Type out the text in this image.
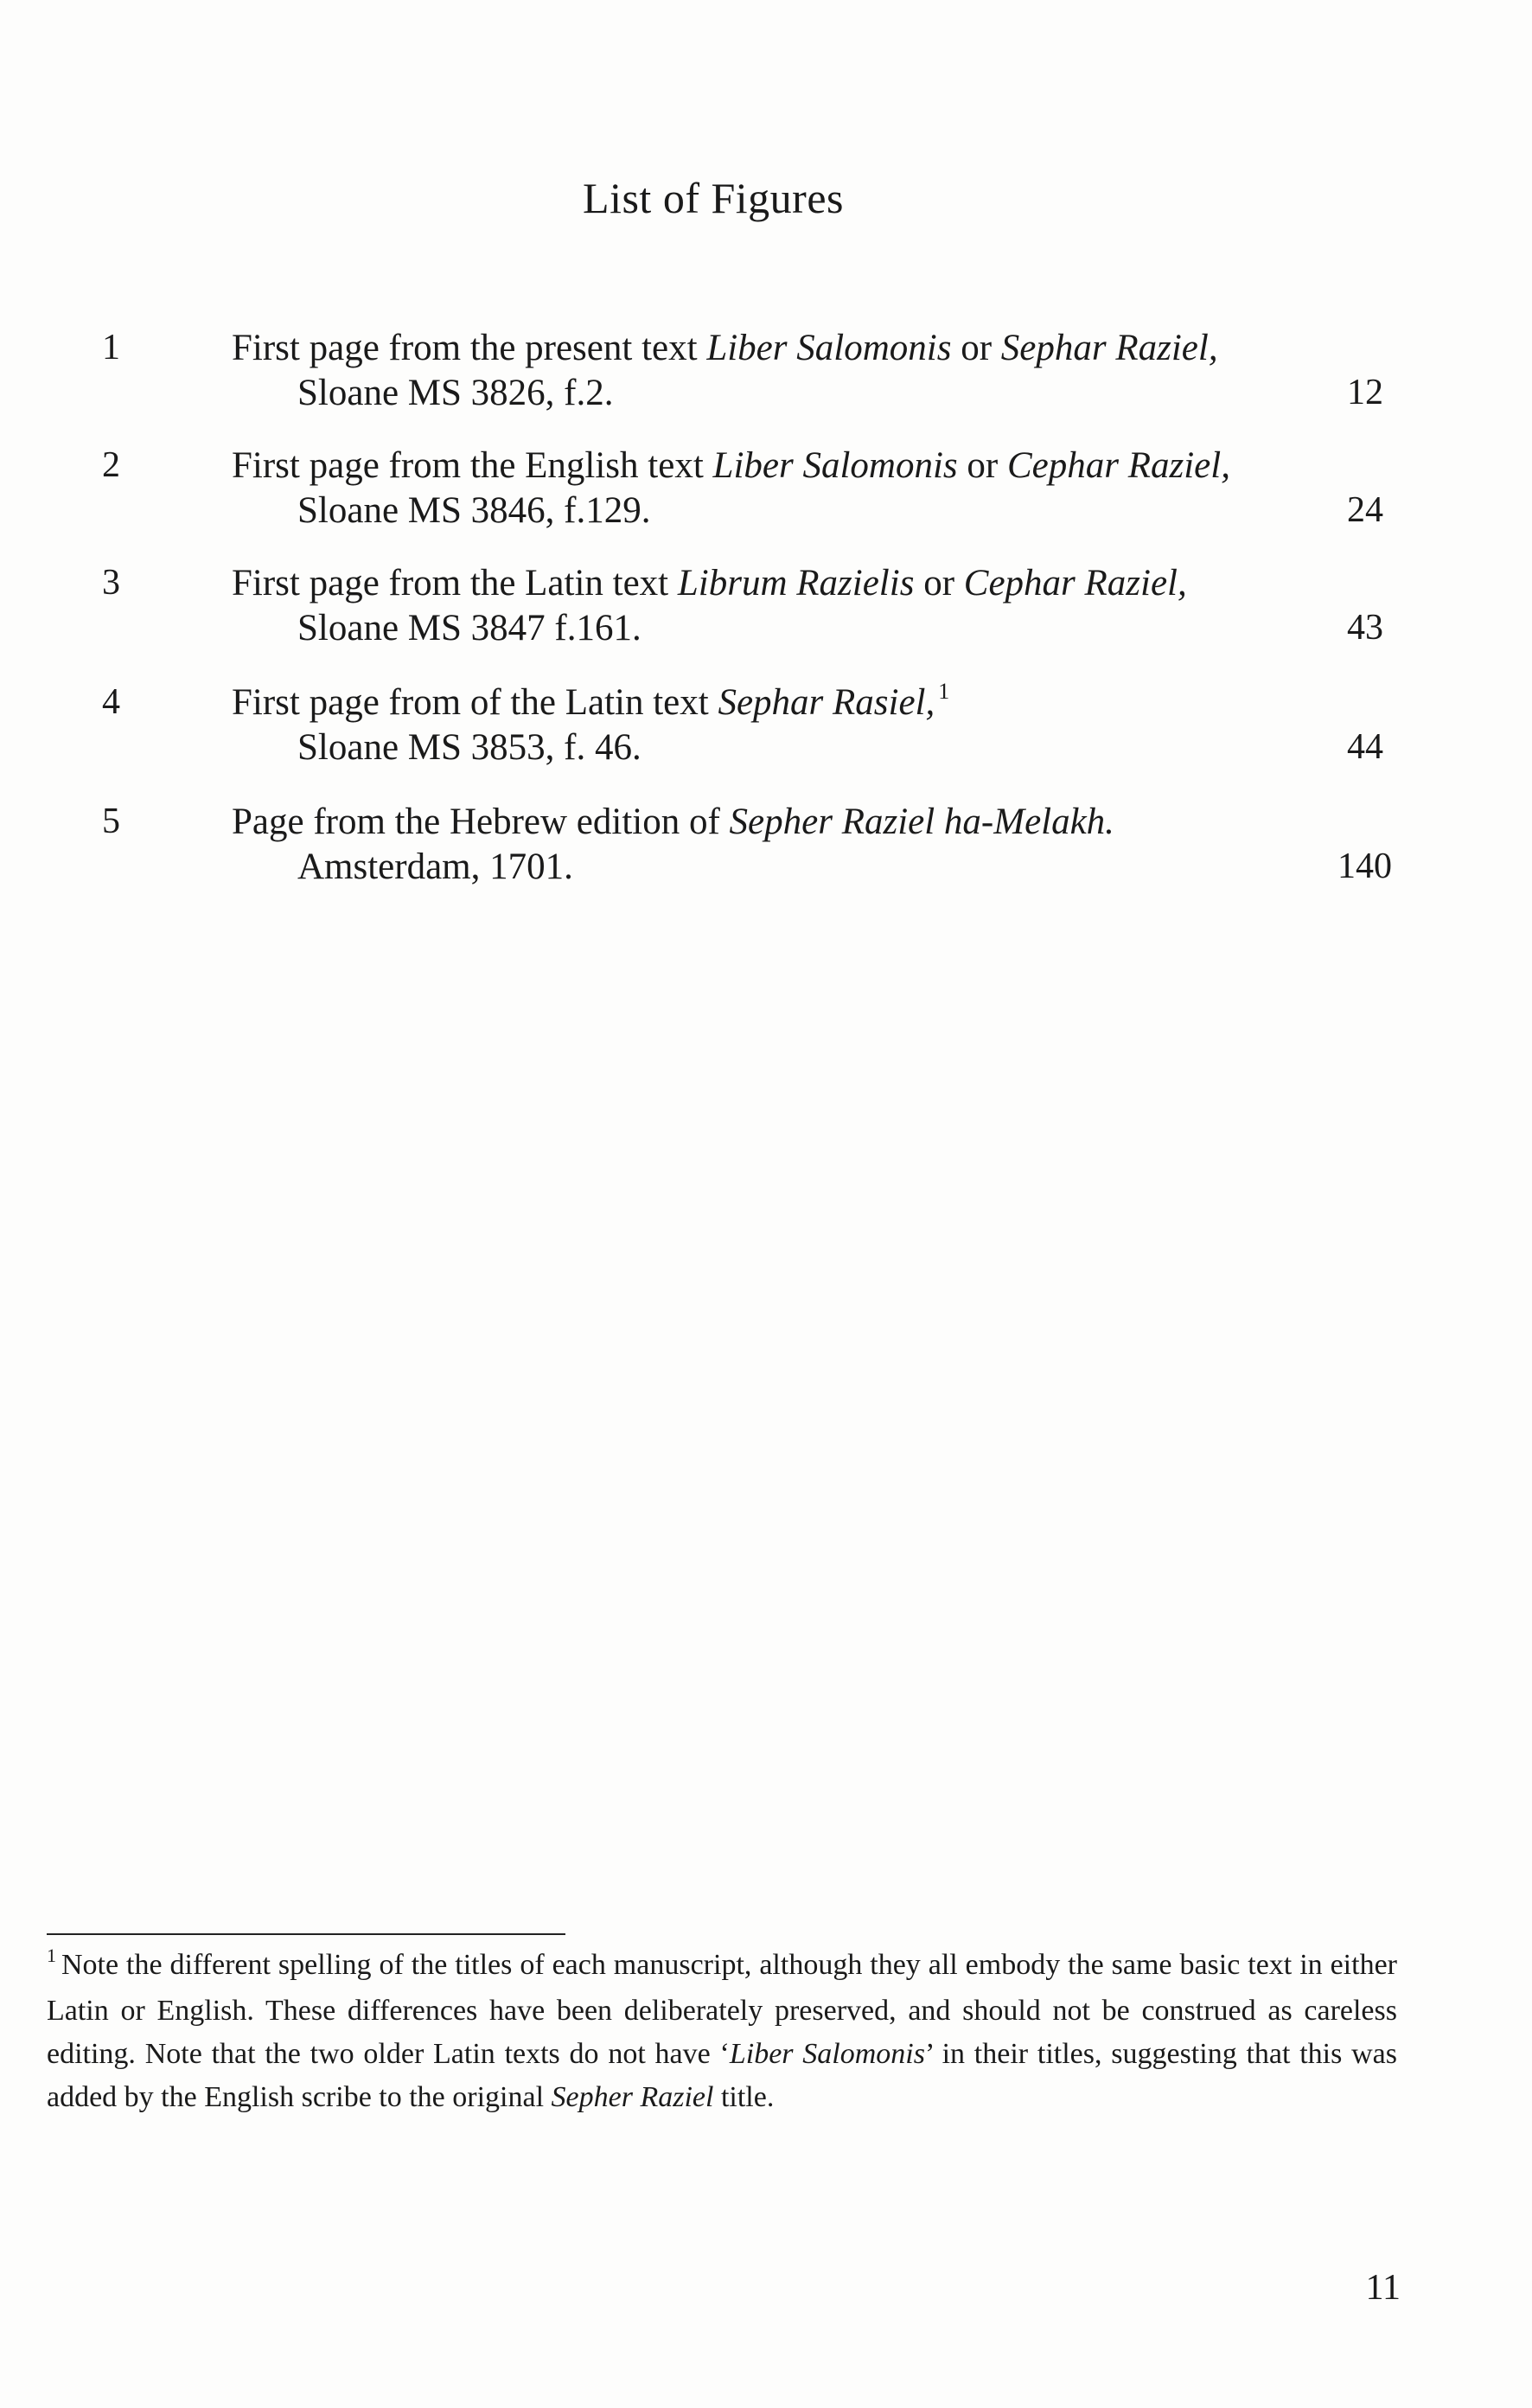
List of Figures
1	First page from the present text Liber Salomonis or Sephar Raziel,
Sloane MS 3826, f.2.	12
2	First page from the English text Liber Salomonis or Cephar Raziel,
Sloane MS 3846, f.129.	24
3	First page from the Latin text Librum Razielis or Cephar Raziel,
Sloane MS 3847 f.161.	43
4	First page from of the Latin text Sephar Rasiel, $^1$
Sloane MS 3853, f. 46.	44
5	Page from the Hebrew edition of Sepher Raziel ha-Melakh.
Amsterdam, 1701.	140
$^1$ Note the different spelling of the titles of each manuscript, although they all embody the same basic text in either Latin or English. These differences have been deliberately preserved, and should not be construed as careless editing. Note that the two older Latin texts do not have ‘Liber Salomonis’ in their titles, suggesting that this was added by the English scribe to the original Sepher Raziel title.
11
